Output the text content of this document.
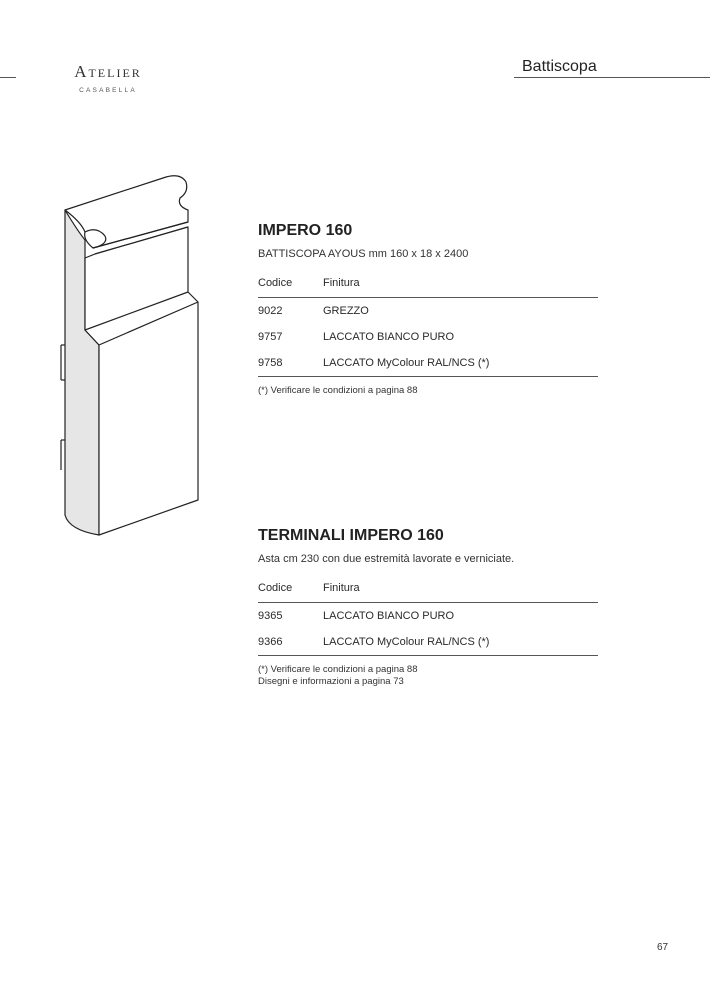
Atelier
CASABELLA
Battiscopa
IMPERO 160
BATTISCOPA AYOUS mm 160 x 18 x 2400
Codice	Finitura
9022	GREZZO
9757	LACCATO BIANCO PURO
9758	LACCATO MyColour RAL/NCS (*)
(*) Verificare le condizioni a pagina 88
TERMINALI IMPERO 160
Asta cm 230 con due estremità lavorate e verniciate.
Codice	Finitura
9365	LACCATO BIANCO PURO
9366	LACCATO MyColour RAL/NCS (*)
(*) Verificare le condizioni a pagina 88
Disegni e informazioni a pagina 73
67
